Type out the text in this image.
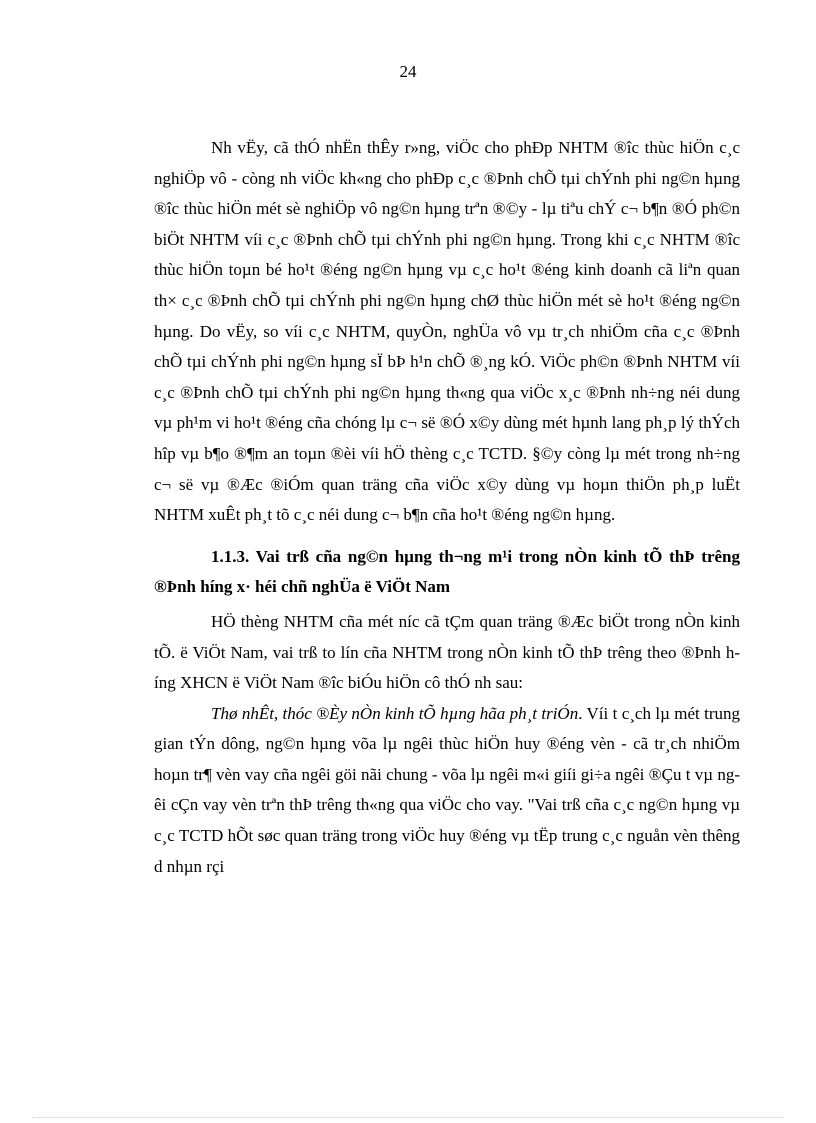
24

Nh vËy, cã thÓ nhËn thÊy r»ng, viÖc cho phÐp NHTM ®îc thùc hiÖn c¸c nghiÖp vô - còng nh viÖc kh«ng cho phÐp c¸c ®Þnh chÕ tµi chÝnh phi ng©n hµng ®îc thùc hiÖn mét sè nghiÖp vô ng©n hµng trªn ®©y - lµ tiªu chÝ c¬ b¶n ®Ó ph©n biÖt NHTM víi c¸c ®Þnh chÕ tµi chÝnh phi ng©n hµng. Trong khi c¸c NHTM ®îc thùc hiÖn toµn bé ho¹t ®éng ng©n hµng vµ c¸c ho¹t ®éng kinh doanh cã liªn quan th× c¸c ®Þnh chÕ tµi chÝnh phi ng©n hµng chØ thùc hiÖn mét sè ho¹t ®éng ng©n hµng. Do vËy, so víi c¸c NHTM, quyÒn, nghÜa vô vµ tr¸ch nhiÖm cña c¸c ®Þnh chÕ tµi chÝnh phi ng©n hµng sÏ bÞ h¹n chÕ ®¸ng kÓ. ViÖc ph©n ®Þnh NHTM víi c¸c ®Þnh chÕ tµi chÝnh phi ng©n hµng th«ng qua viÖc x¸c ®Þnh nh÷ng néi dung vµ ph¹m vi ho¹t ®éng cña chóng lµ c¬ së ®Ó x©y dùng mét hµnh lang ph¸p lý thÝch hîp vµ b¶o ®¶m an toµn ®èi víi hÖ thèng c¸c TCTD. §©y còng lµ mét trong nh÷ng c¬ së vµ ®Æc ®iÓm quan träng cña viÖc x©y dùng vµ hoµn thiÖn ph¸p luËt NHTM xuÊt ph¸t tõ c¸c néi dung c¬ b¶n cña ho¹t ®éng ng©n hµng.

1.1.3. Vai trß cña ng©n hµng th¬ng m¹i trong nÒn kinh tÕ thÞ trêng ®Þnh híng x· héi chñ nghÜa ë ViÖt Nam

HÖ thèng NHTM cña mét níc cã tÇm quan träng ®Æc biÖt trong nÒn kinh tÕ. ë ViÖt Nam, vai trß to lín cña NHTM trong nÒn kinh tÕ thÞ trêng theo ®Þnh híng XHCN ë ViÖt Nam ®îc biÓu hiÖn cô thÓ nh sau:

Thø nhÊt, thóc ®Èy nÒn kinh tÕ hµng hãa ph¸t triÓn. Víi t c¸ch lµ mét trung gian tÝn dông, ng©n hµng võa lµ ngêi thùc hiÖn huy ®éng vèn - cã tr¸ch nhiÖm hoµn tr¶ vèn vay cña ngêi göi nãi chung - võa lµ ngêi m«i giíi gi÷a ngêi ®Çu t vµ ngêi cÇn vay vèn trªn thÞ trêng th«ng qua viÖc cho vay. "Vai trß cña c¸c ng©n hµng vµ c¸c TCTD hÕt søc quan träng trong viÖc huy ®éng vµ tËp trung c¸c nguån vèn thêng d nhµn rçi
